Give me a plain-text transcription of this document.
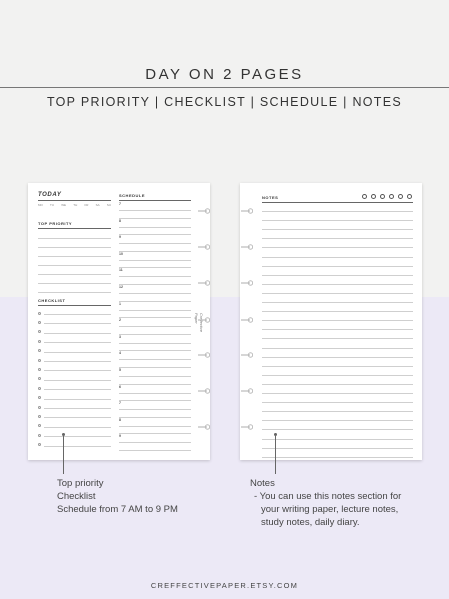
DAY ON 2 PAGES
TOP PRIORITY | CHECKLIST | SCHEDULE | NOTES
TODAY
MO TU WE TH FR SA SU
TOP PRIORITY
CHECKLIST
SCHEDULE
Creffective Paper
7
8
9
10
11
12
1
2
3
4
5
6
7
8
9
NOTES
Top priority
Checklist
Schedule from 7 AM to 9 PM
Notes
- You can use this notes section for
your writing paper, lecture notes,
study notes, daily diary.
CREFFECTIVEPAPER.ETSY.COM
